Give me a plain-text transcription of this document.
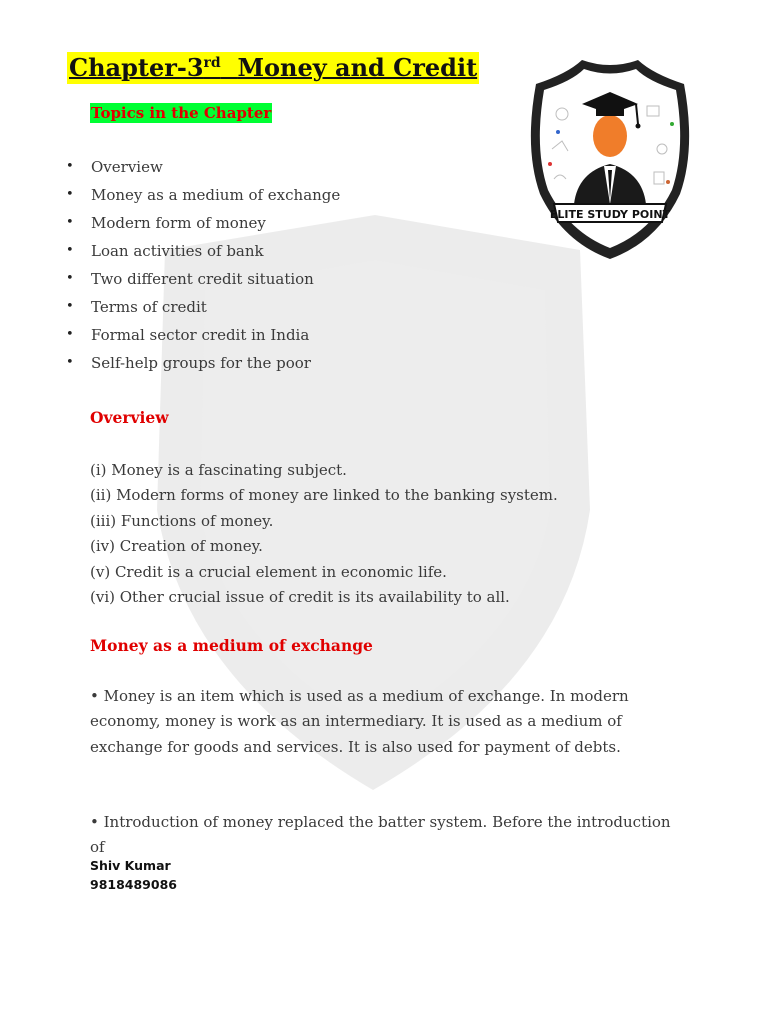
Chapter-3rd Money and Credit
Topics in the Chapter
• Overview
• Money as a medium of exchange
• Modern form of money
• Loan activities of bank
• Two different credit situation
• Terms of credit
• Formal sector credit in India
• Self-help groups for the poor
ELITE STUDY POINT
Overview
(i) Money is a fascinating subject.
(ii) Modern forms of money are linked to the banking system.
(iii) Functions of money.
(iv) Creation of money.
(v) Credit is a crucial element in economic life.
(vi) Other crucial issue of credit is its availability to all.
Money as a medium of exchange
• Money is an item which is used as a medium of exchange. In modern economy, money is work as an intermediary. It is used as a medium of exchange for goods and services. It is also used for payment of debts.
• Introduction of money replaced the batter system. Before the introduction of
Shiv Kumar
9818489086
